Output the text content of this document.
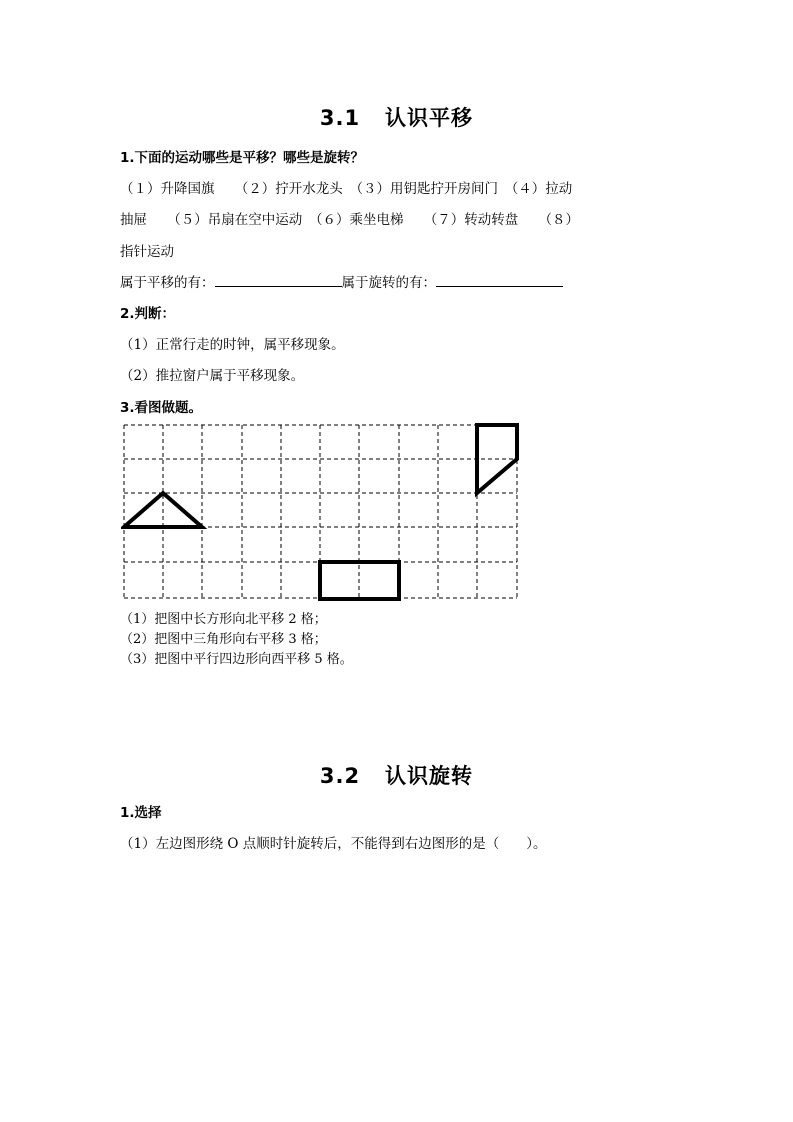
3.1   认识平移
1.下面的运动哪些是平移？哪些是旋转？
（１）升降国旗　　（２）拧开水龙头　（３）用钥匙拧开房间门　（４）拉动
抽屉　　（５）吊扇在空中运动　（６）乘坐电梯　　（７）转动转盘　　（８）
指针运动
属于平移的有：	属于旋转的有：
2.判断：
（1）正常行走的时钟，属平移现象。
（2）推拉窗户属于平移现象。
3.看图做题。
（1）把图中长方形向北平移 2 格；
（2）把图中三角形向右平移 3 格；
（3）把图中平行四边形向西平移 5 格。
3.2   认识旋转
1.选择
（1）左边图形绕 O 点顺时针旋转后，不能得到右边图形的是（　　）。
